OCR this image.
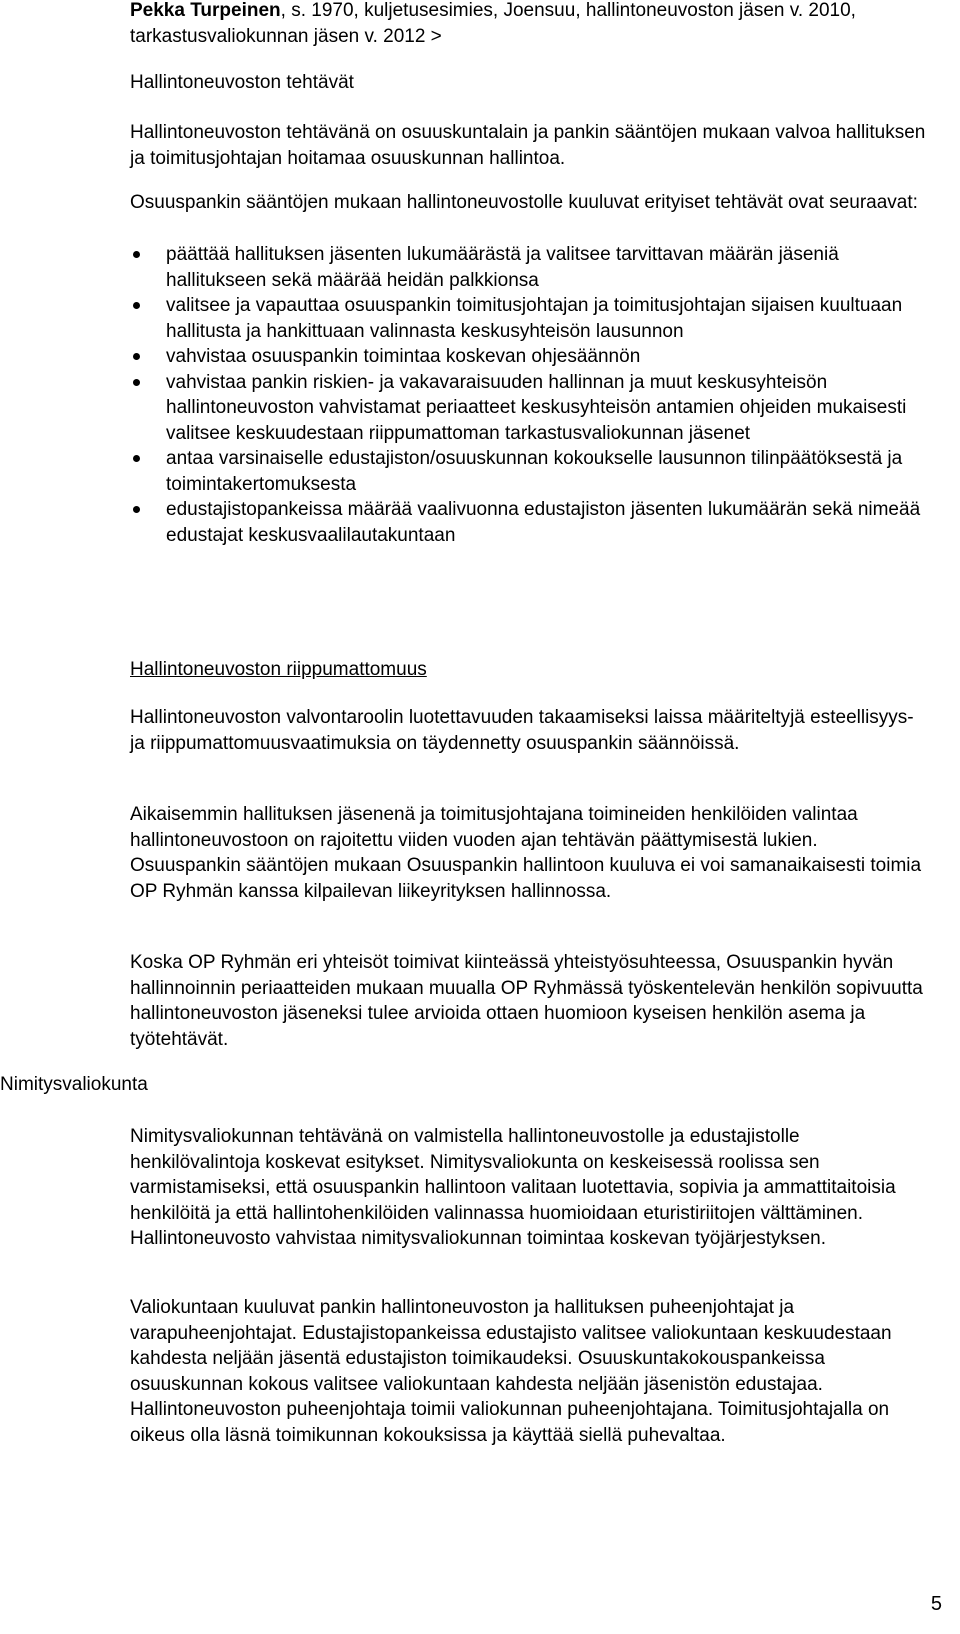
Pekka Turpeinen, s. 1970, kuljetusesimies, Joensuu, hallintoneuvoston jäsen v. 2010, tarkastusvaliokunnan jäsen v. 2012 >

Hallintoneuvoston tehtävät

Hallintoneuvoston tehtävänä on osuuskuntalain ja pankin sääntöjen mukaan valvoa hallituksen ja toimitusjohtajan hoitamaa osuuskunnan hallintoa.

Osuuspankin sääntöjen mukaan hallintoneuvostolle kuuluvat erityiset tehtävät ovat seuraavat:

päättää hallituksen jäsenten lukumäärästä ja valitsee tarvittavan määrän jäseniä hallitukseen sekä määrää heidän palkkionsa
valitsee ja vapauttaa osuuspankin toimitusjohtajan ja toimitusjohtajan sijaisen kuultuaan hallitusta ja hankittuaan valinnasta keskusyhteisön lausunnon
vahvistaa osuuspankin toimintaa koskevan ohjesäännön
vahvistaa pankin riskien- ja vakavaraisuuden hallinnan ja muut keskusyhteisön hallintoneuvoston vahvistamat periaatteet keskusyhteisön antamien ohjeiden mukaisesti valitsee keskuudestaan riippumattoman tarkastusvaliokunnan jäsenet
antaa varsinaiselle edustajiston/osuuskunnan kokoukselle lausunnon tilinpäätöksestä ja toimintakertomuksesta
edustajistopankeissa määrää vaalivuonna edustajiston jäsenten lukumäärän sekä nimeää edustajat keskusvaalilautakuntaan

Hallintoneuvoston riippumattomuus

Hallintoneuvoston valvontaroolin luotettavuuden takaamiseksi laissa määriteltyjä esteellisyys- ja riippumattomuusvaatimuksia on täydennetty osuuspankin säännöissä.

Aikaisemmin hallituksen jäsenenä ja toimitusjohtajana toimineiden henkilöiden valintaa hallintoneuvostoon on rajoitettu viiden vuoden ajan tehtävän päättymisestä lukien. Osuuspankin sääntöjen mukaan Osuuspankin hallintoon kuuluva ei voi samanaikaisesti toimia OP Ryhmän kanssa kilpailevan liikeyrityksen hallinnossa.

Koska OP Ryhmän eri yhteisöt toimivat kiinteässä yhteistyösuhteessa, Osuuspankin hyvän hallinnoinnin periaatteiden mukaan muualla OP Ryhmässä työskentelevän henkilön sopivuutta hallintoneuvoston jäseneksi tulee arvioida ottaen huomioon kyseisen henkilön asema ja työtehtävät.

Nimitysvaliokunta

Nimitysvaliokunnan tehtävänä on valmistella hallintoneuvostolle ja edustajistolle henkilövalintoja koskevat esitykset. Nimitysvaliokunta on keskeisessä roolissa sen varmistamiseksi, että osuuspankin hallintoon valitaan luotettavia, sopivia ja ammattitaitoisia henkilöitä ja että hallintohenkilöiden valinnassa huomioidaan eturistiriitojen välttäminen. Hallintoneuvosto vahvistaa nimitysvaliokunnan toimintaa koskevan työjärjestyksen.

Valiokuntaan kuuluvat pankin hallintoneuvoston ja hallituksen puheenjohtajat ja varapuheenjohtajat. Edustajistopankeissa edustajisto valitsee valiokuntaan keskuudestaan kahdesta neljään jäsentä edustajiston toimikaudeksi. Osuuskuntakokouspankeissa osuuskunnan kokous valitsee valiokuntaan kahdesta neljään jäsenistön edustajaa. Hallintoneuvoston puheenjohtaja toimii valiokunnan puheenjohtajana. Toimitusjohtajalla on oikeus olla läsnä toimikunnan kokouksissa ja käyttää siellä puhevaltaa.

5
